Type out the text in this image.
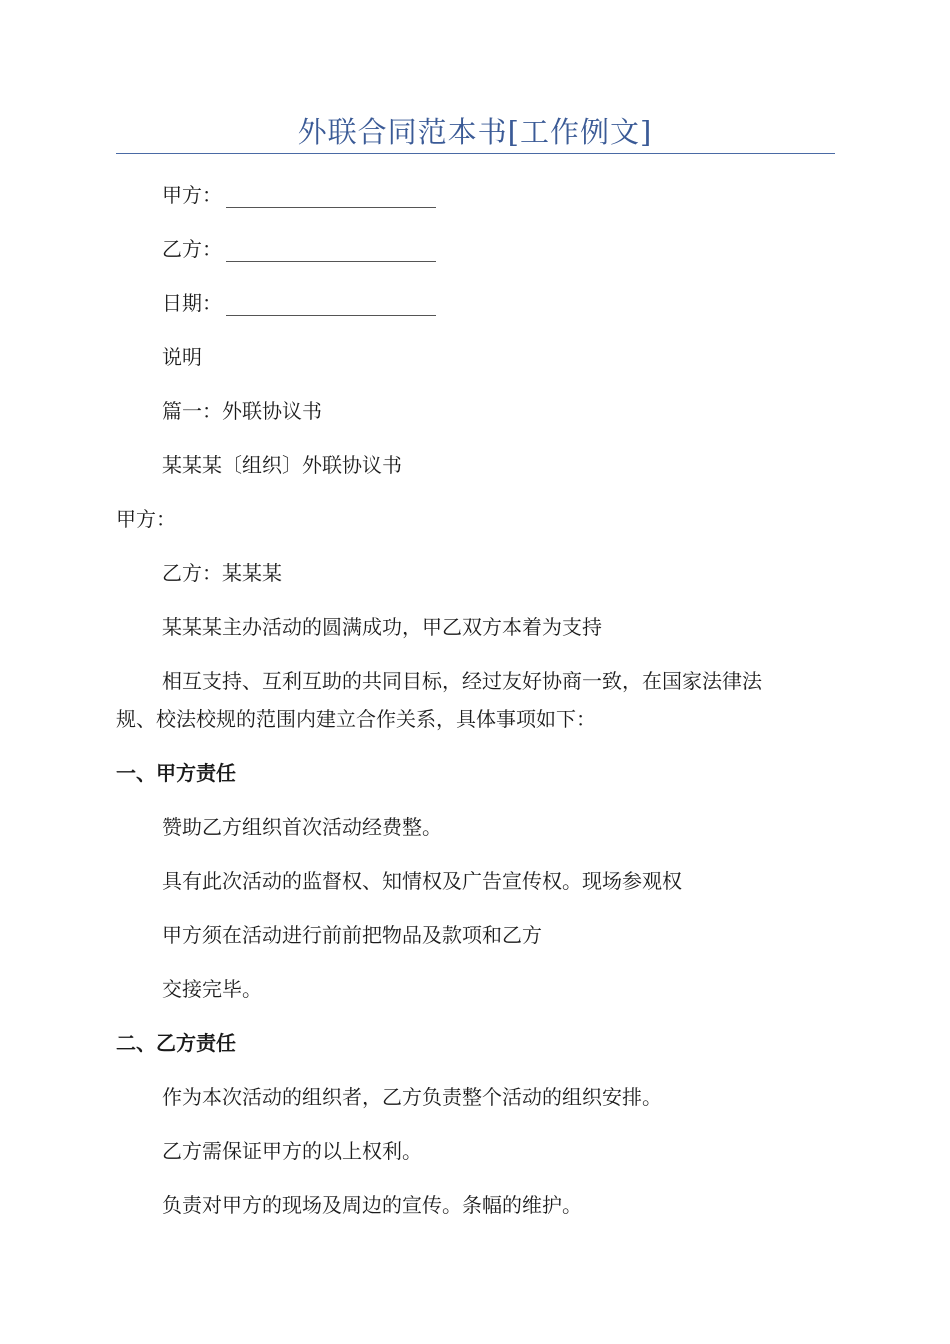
外联合同范本书[工作例文]
甲方：
乙方：
日期：
说明
篇一：外联协议书
某某某〔组织〕外联协议书
甲方：
乙方：某某某
某某某主办活动的圆满成功，甲乙双方本着为支持
相互支持、互利互助的共同目标，经过友好协商一致，在国家法律法
规、校法校规的范围内建立合作关系，具体事项如下：
一、甲方责任
赞助乙方组织首次活动经费整。
具有此次活动的监督权、知情权及广告宣传权。现场参观权
甲方须在活动进行前前把物品及款项和乙方
交接完毕。
二、乙方责任
作为本次活动的组织者，乙方负责整个活动的组织安排。
乙方需保证甲方的以上权利。
负责对甲方的现场及周边的宣传。条幅的维护。
